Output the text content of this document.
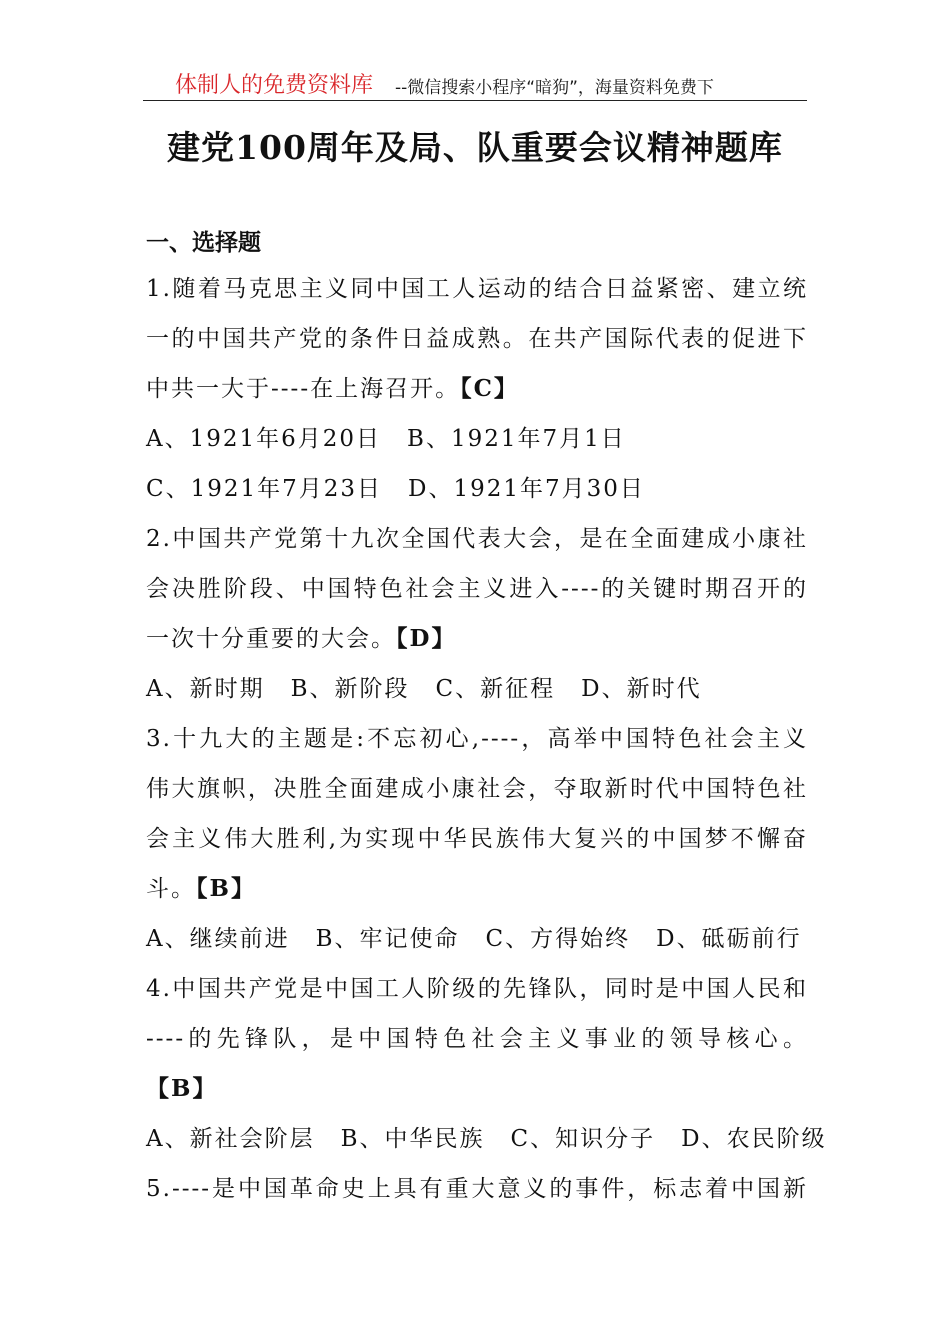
体制人的免费资料库 --微信搜索小程序“暗狗”，海量资料免费下
建党100周年及局、队重要会议精神题库
一、选择题
1.随着马克思主义同中国工人运动的结合日益紧密、建立统
一的中国共产党的条件日益成熟。在共产国际代表的促进下
中共一大于----在上海召开。【C】
A、1921年6月20日 B、1921年7月1日
C、1921年7月23日 D、1921年7月30日
2.中国共产党第十九次全国代表大会，是在全面建成小康社
会决胜阶段、中国特色社会主义进入----的关键时期召开的
一次十分重要的大会。【D】
A、新时期 B、新阶段 C、新征程 D、新时代
3.十九大的主题是:不忘初心,----，高举中国特色社会主义
伟大旗帜，决胜全面建成小康社会，夺取新时代中国特色社
会主义伟大胜利,为实现中华民族伟大复兴的中国梦不懈奋
斗。【B】
A、继续前进 B、牢记使命 C、方得始终 D、砥砺前行
4.中国共产党是中国工人阶级的先锋队，同时是中国人民和
----的先锋队，是中国特色社会主义事业的领导核心。
【B】
A、新社会阶层 B、中华民族 C、知识分子 D、农民阶级
5.----是中国革命史上具有重大意义的事件，标志着中国新
